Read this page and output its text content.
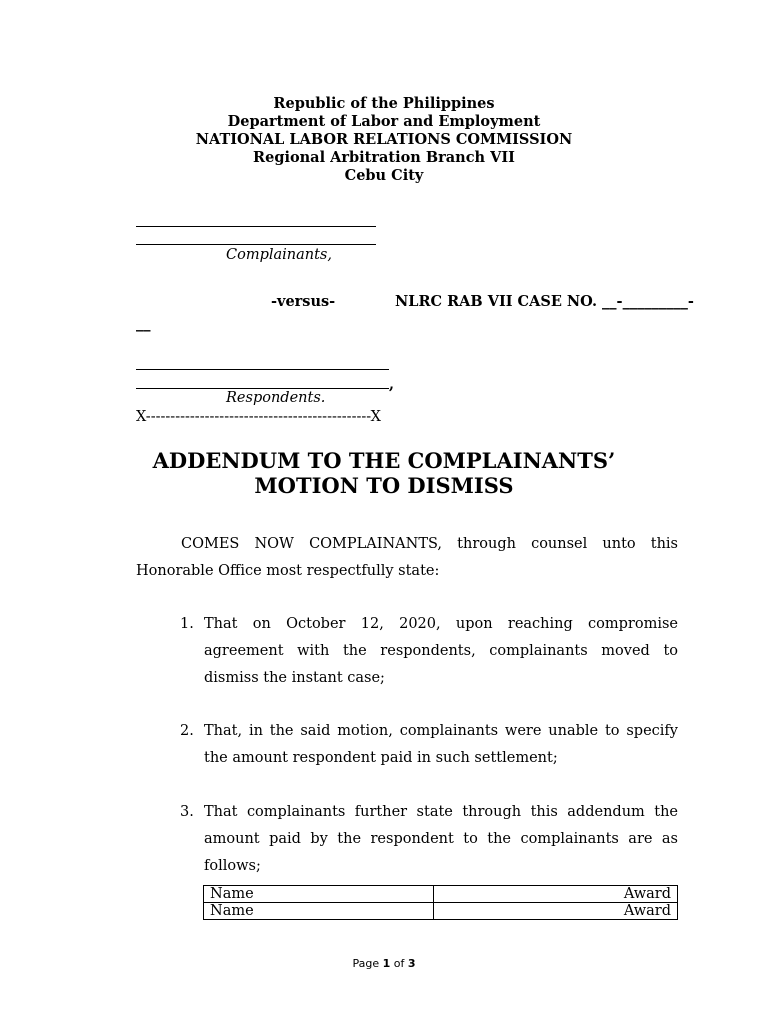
Republic of the Philippines
Department of Labor and Employment
NATIONAL LABOR RELATIONS COMMISSION
Regional Arbitration Branch VII
Cebu City
Complainants,
-versus-	NLRC RAB VII CASE NO. __-_________-
__
,
Respondents.
X----------------------------------------------X
ADDENDUM TO THE COMPLAINANTS’
MOTION TO DISMISS
COMES NOW COMPLAINANTS, through counsel unto this Honorable Office most respectfully state:
1. That on October 12, 2020, upon reaching compromise agreement with the respondents, complainants moved to dismiss the instant case;
2. That, in the said motion, complainants were unable to specify the amount respondent paid in such settlement;
3. That complainants further state through this addendum the amount paid by the respondent to the complainants are as follows;
Name	Award
Name	Award
Page 1 of 3
